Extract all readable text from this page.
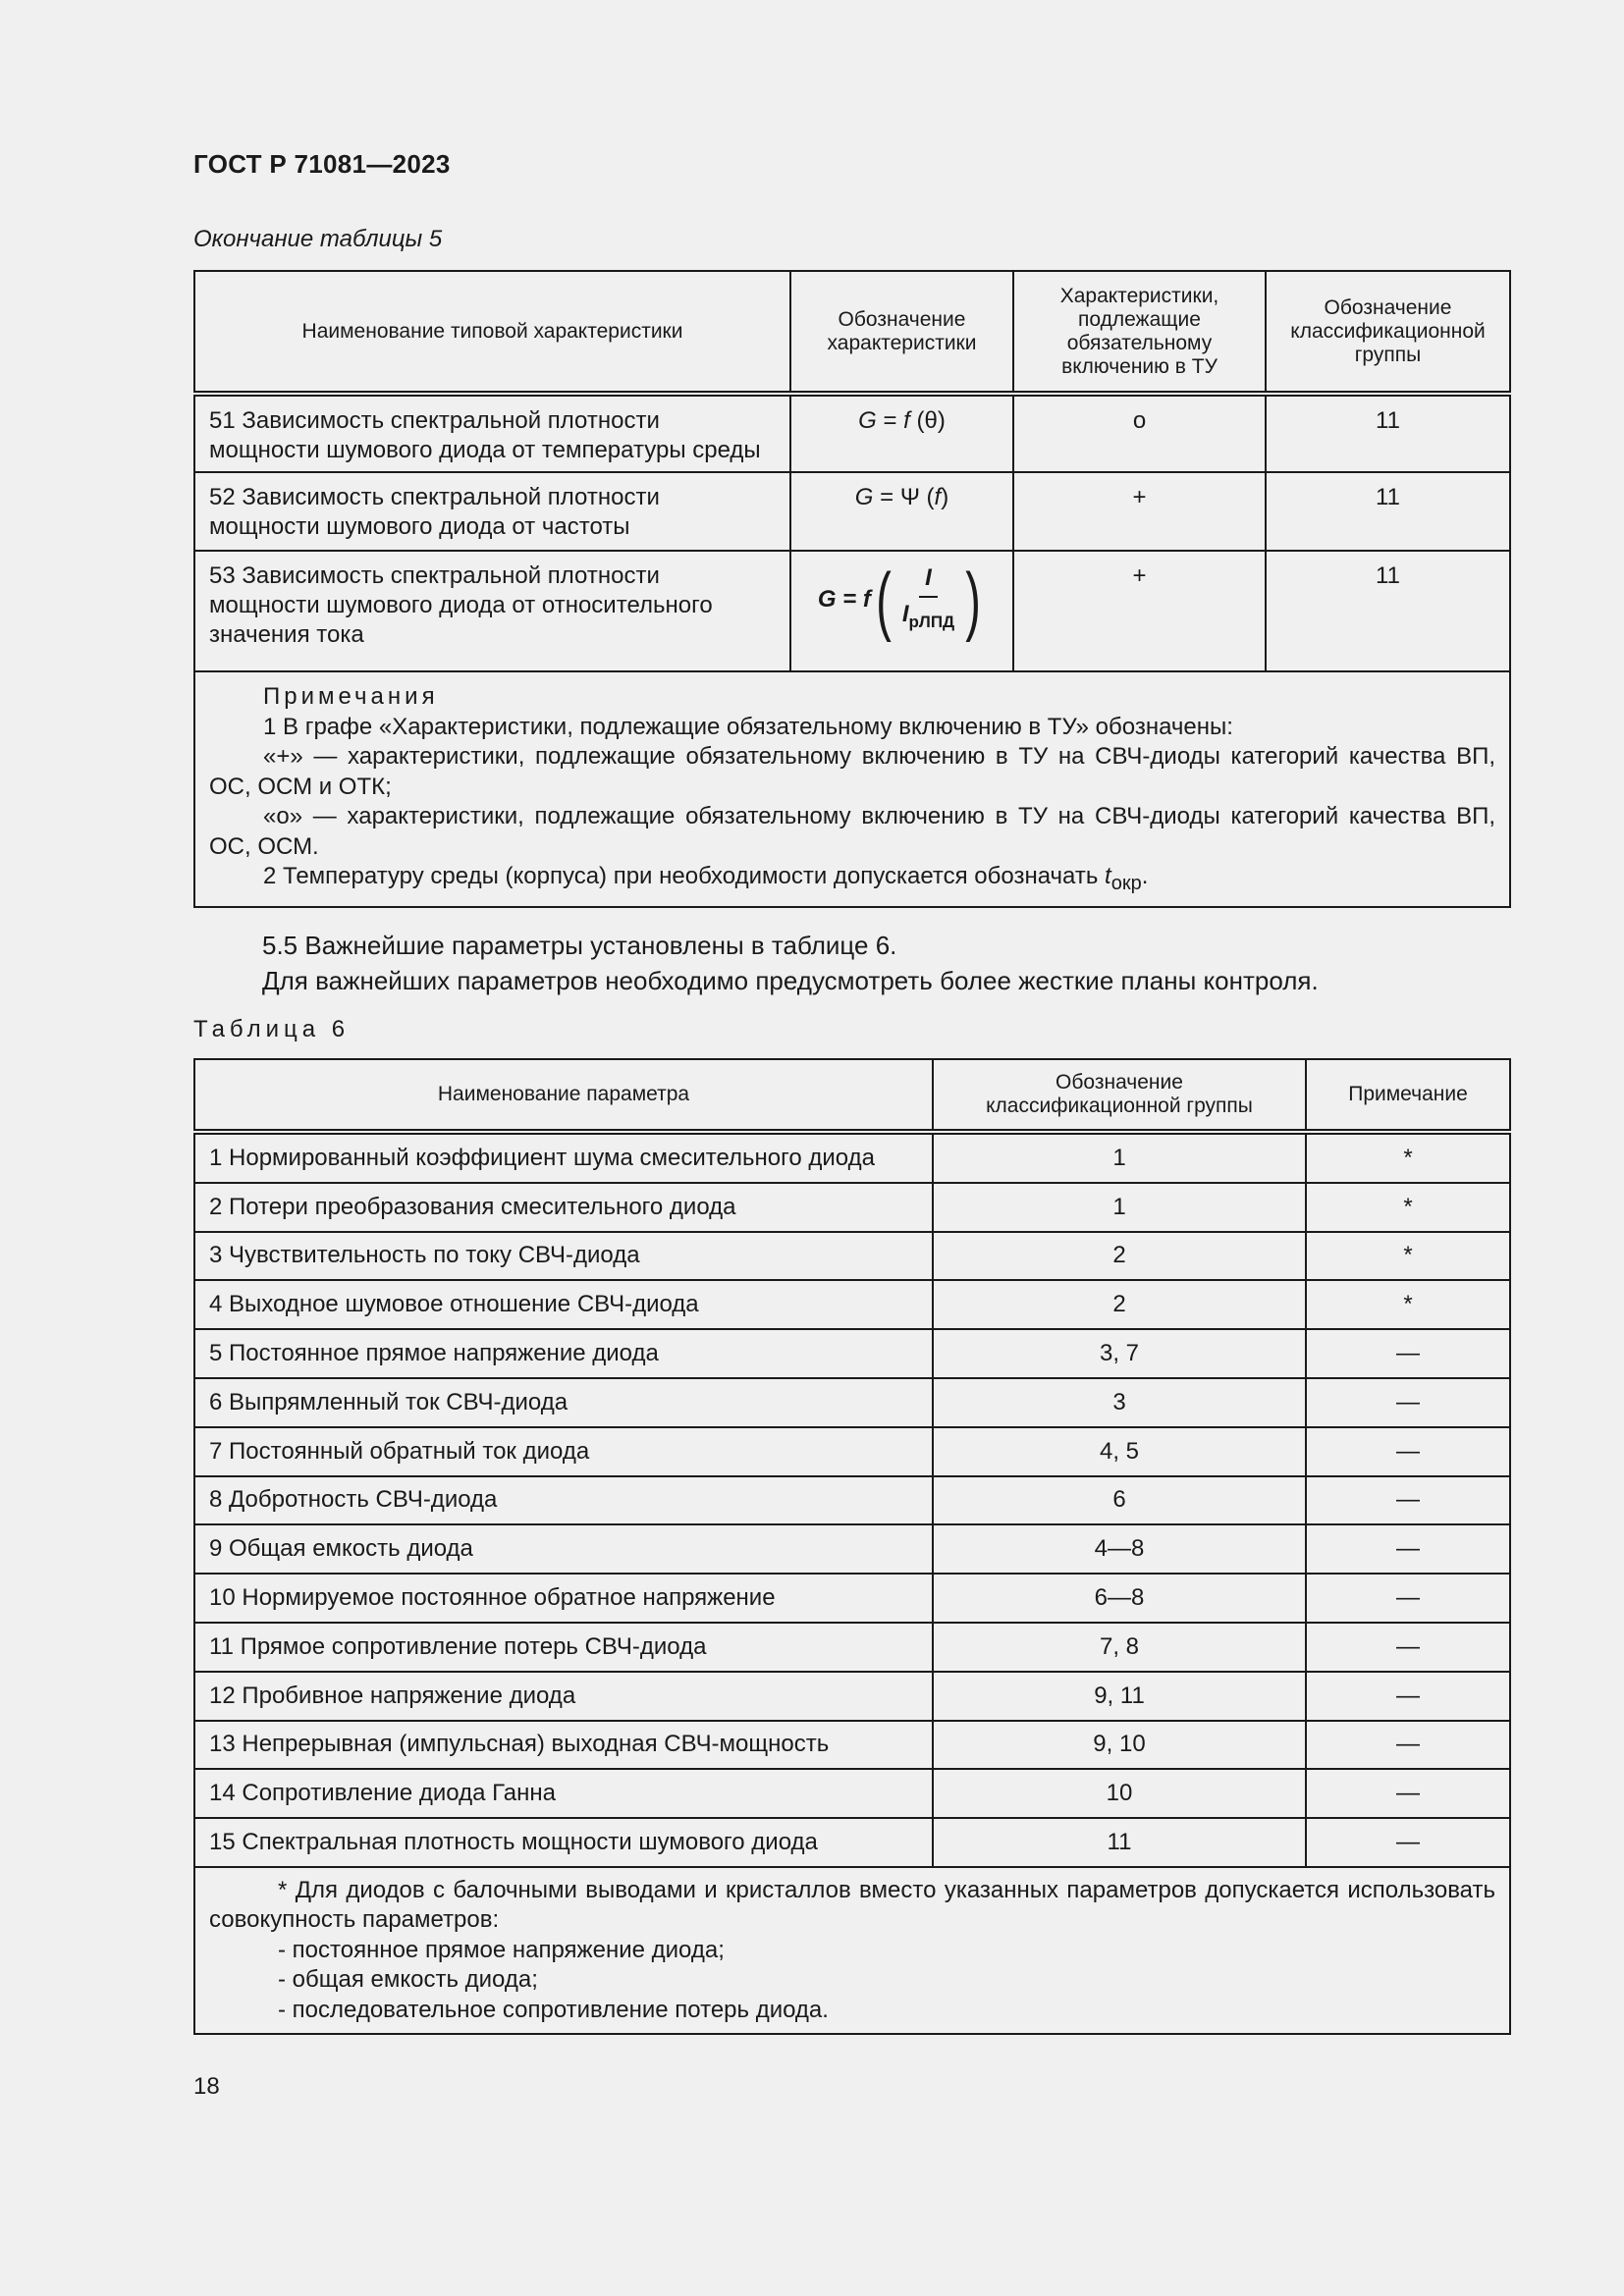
ГОСТ Р 71081—2023
Окончание таблицы 5
Наименование типовой характеристики	Обозначение характеристики	Характеристики, подлежащие обязательному включению в ТУ	Обозначение классификационной группы
51 Зависимость спектральной плотности мощности шумового диода от температуры среды	G = f (θ)	о	11
52 Зависимость спектральной плотности мощности шумового диода от частоты	G = Ψ (f)	+	11
53 Зависимость спектральной плотности мощности шумового диода от относительного значения тока	G = f ( $\frac{I}{I_{рЛПД}}$ )	+	11

Примечания

1 В графе «Характеристики, подлежащие обязательному включению в ТУ» обозначены:

«+» — характеристики, подлежащие обязательному включению в ТУ на СВЧ-диоды категорий качества ВП, ОС, ОСМ и ОТК;

«о» — характеристики, подлежащие обязательному включению в ТУ на СВЧ-диоды категорий качества ВП, ОС, ОСМ.

2 Температуру среды (корпуса) при необходимости допускается обозначать $t_{окр}$.			

5.5 Важнейшие параметры установлены в таблице 6.

Для важнейших параметров необходимо предусмотреть более жесткие планы контроля.

Таблица 6
Наименование параметра	Обозначение классификационной группы	Примечание
1 Нормированный коэффициент шума смесительного диода	1	*
2 Потери преобразования смесительного диода	1	*
3 Чувствительность по току СВЧ-диода	2	*
4 Выходное шумовое отношение СВЧ-диода	2	*
5 Постоянное прямое напряжение диода	3, 7	—
6 Выпрямленный ток СВЧ-диода	3	—
7 Постоянный обратный ток диода	4, 5	—
8 Добротность СВЧ-диода	6	—
9 Общая емкость диода	4—8	—
10 Нормируемое постоянное обратное напряжение	6—8	—
11 Прямое сопротивление потерь СВЧ-диода	7, 8	—
12 Пробивное напряжение диода	9, 11	—
13 Непрерывная (импульсная) выходная СВЧ-мощность	9, 10	—
14 Сопротивление диода Ганна	10	—
15 Спектральная плотность мощности шумового диода	11	—

* Для диодов с балочными выводами и кристаллов вместо указанных параметров допускается использовать совокупность параметров:

- постоянное прямое напряжение диода;

- общая емкость диода;

- последовательное сопротивление потерь диода.		

18
